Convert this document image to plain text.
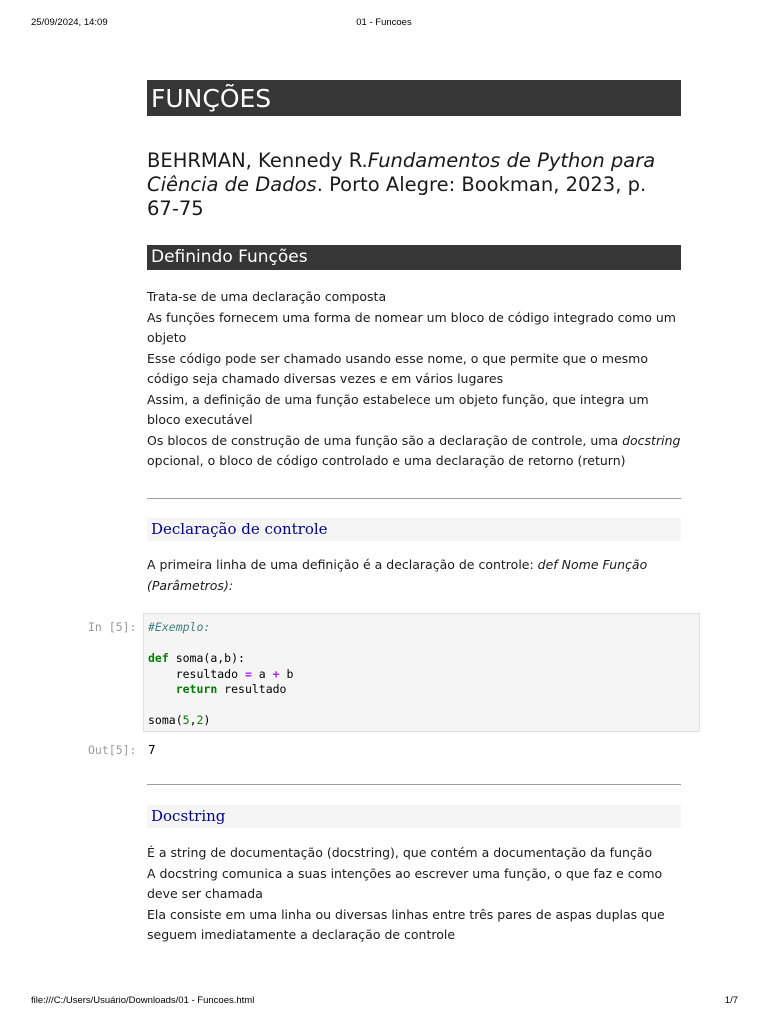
25/09/2024, 14:09	01 - Funcoes
FUNÇÕES
BEHRMAN, Kennedy R.Fundamentos de Python para Ciência de Dados. Porto Alegre: Bookman, 2023, p. 67-75
Definindo Funções
Trata-se de uma declaração composta
As funções fornecem uma forma de nomear um bloco de código integrado como um objeto
Esse código pode ser chamado usando esse nome, o que permite que o mesmo código seja chamado diversas vezes e em vários lugares
Assim, a definição de uma função estabelece um objeto função, que integra um bloco executável
Os blocos de construção de uma função são a declaração de controle, uma docstring opcional, o bloco de código controlado e uma declaração de retorno (return)
Declaração de controle
A primeira linha de uma definição é a declaração de controle: def Nome Função (Parâmetros):
In [5]: #Exemplo:

def soma(a,b):
resultado = a + b
return resultado

soma(5,2)
Out[5]: 7
Docstring
É a string de documentação (docstring), que contém a documentação da função
A docstring comunica a suas intenções ao escrever uma função, o que faz e como deve ser chamada
Ela consiste em uma linha ou diversas linhas entre três pares de aspas duplas que seguem imediatamente a declaração de controle
file:///C:/Users/Usuário/Downloads/01 - Funcoes.html	1/7
